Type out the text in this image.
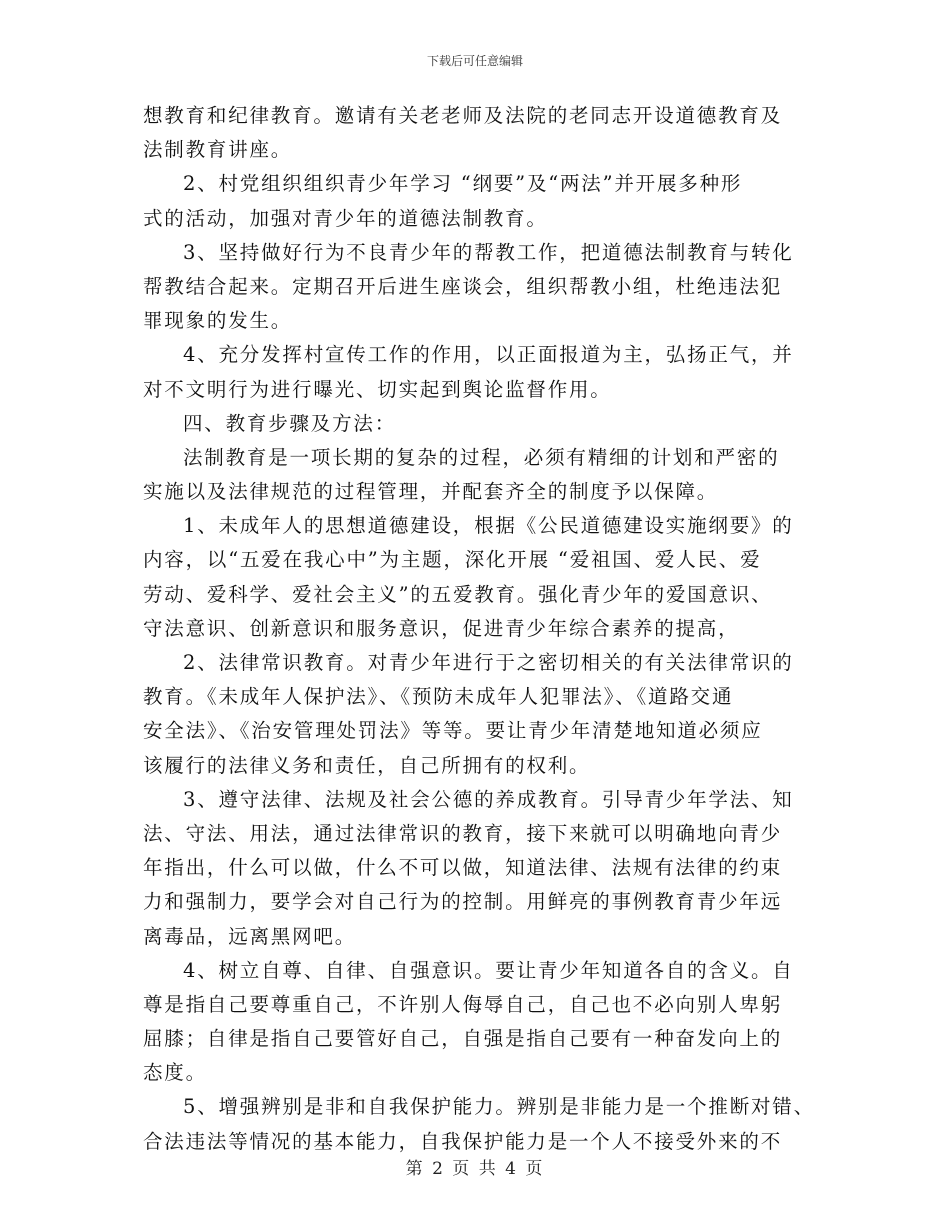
下载后可任意编辑
想教育和纪律教育。邀请有关老老师及法院的老同志开设道德教育及
法制教育讲座。
2、村党组织组织青少年学习 “纲要”及“两法”并开展多种形
式的活动，加强对青少年的道德法制教育。
3、坚持做好行为不良青少年的帮教工作，把道德法制教育与转化
帮教结合起来。定期召开后进生座谈会，组织帮教小组，杜绝违法犯
罪现象的发生。
4、充分发挥村宣传工作的作用，以正面报道为主，弘扬正气，并
对不文明行为进行曝光、切实起到舆论监督作用。
四、教育步骤及方法：
法制教育是一项长期的复杂的过程，必须有精细的计划和严密的
实施以及法律规范的过程管理，并配套齐全的制度予以保障。
1、未成年人的思想道德建设，根据《公民道德建设实施纲要》的
内容，以“五爱在我心中”为主题，深化开展 “爱祖国、爱人民、爱
劳动、爱科学、爱社会主义”的五爱教育。强化青少年的爱国意识、
守法意识、创新意识和服务意识，促进青少年综合素养的提高，
2、法律常识教育。对青少年进行于之密切相关的有关法律常识的
教育。《未成年人保护法》、《预防未成年人犯罪法》、《道路交通
安全法》、《治安管理处罚法》等等。要让青少年清楚地知道必须应
该履行的法律义务和责任，自己所拥有的权利。
3、遵守法律、法规及社会公德的养成教育。引导青少年学法、知
法、守法、用法，通过法律常识的教育，接下来就可以明确地向青少
年指出，什么可以做，什么不可以做，知道法律、法规有法律的约束
力和强制力，要学会对自己行为的控制。用鲜亮的事例教育青少年远
离毒品，远离黑网吧。
4、树立自尊、自律、自强意识。要让青少年知道各自的含义。自
尊是指自己要尊重自己，不许别人侮辱自己，自己也不必向别人卑躬
屈膝；自律是指自己要管好自己，自强是指自己要有一种奋发向上的
态度。
5、增强辨别是非和自我保护能力。辨别是非能力是一个推断对错、
合法违法等情况的基本能力，自我保护能力是一个人不接受外来的不
第 2 页 共 4 页
